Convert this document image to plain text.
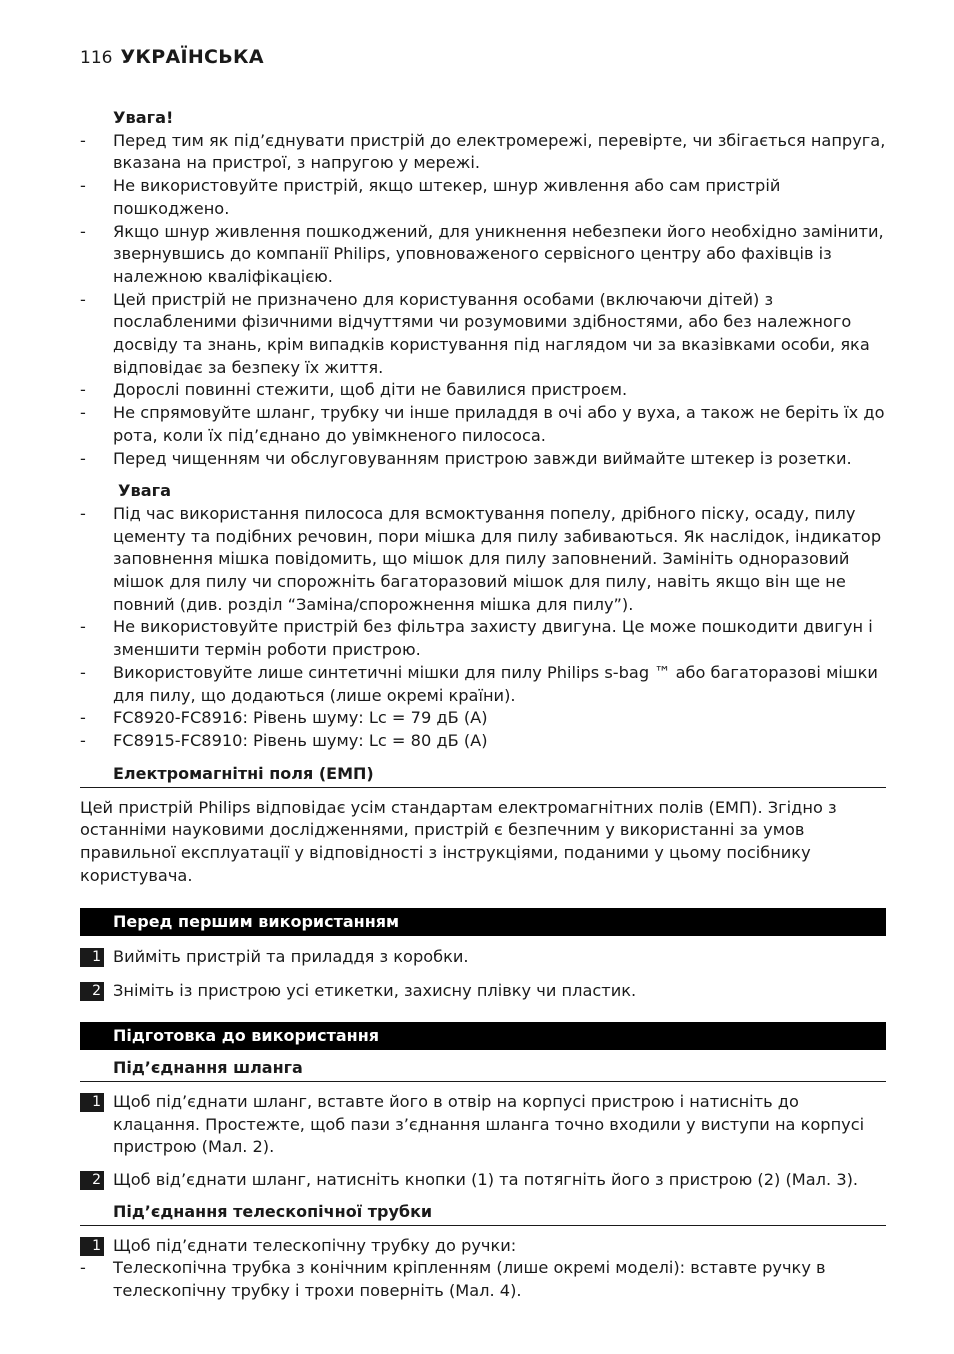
116 УКРАЇНСЬКА
Увага!
- Перед тим як під’єднувати пристрій до електромережі, перевірте, чи збігається напруга, вказана на пристрої, з напругою у мережі.
- Не використовуйте пристрій, якщо штекер, шнур живлення або сам пристрій пошкоджено.
- Якщо шнур живлення пошкоджений, для уникнення небезпеки його необхідно замінити, звернувшись до компанії Philips, уповноваженого сервісного центру або фахівців із належною кваліфікацією.
- Цей пристрій не призначено для користування особами (включаючи дітей) з послабленими фізичними відчуттями чи розумовими здібностями, або без належного досвіду та знань, крім випадків користування під наглядом чи за вказівками особи, яка відповідає за безпеку їх життя.
- Дорослі повинні стежити, щоб діти не бавилися пристроєм.
- Не спрямовуйте шланг, трубку чи інше приладдя в очі або у вуха, а також не беріть їх до рота, коли їх під’єднано до увімкненого пилососа.
- Перед чищенням чи обслуговуванням пристрою завжди виймайте штекер із розетки.
Увага
- Під час використання пилососа для всмоктування попелу, дрібного піску, осаду, пилу цементу та подібних речовин, пори мішка для пилу забиваються. Як наслідок, індикатор заповнення мішка повідомить, що мішок для пилу заповнений. Замініть одноразовий мішок для пилу чи спорожніть багаторазовий мішок для пилу, навіть якщо він ще не повний (див. розділ “Заміна/спорожнення мішка для пилу”).
- Не використовуйте пристрій без фільтра захисту двигуна. Це може пошкодити двигун і зменшити термін роботи пристрою.
- Використовуйте лише синтетичні мішки для пилу Philips s-bag ™ або багаторазові мішки для пилу, що додаються (лише окремі країни).
- FC8920-FC8916: Рівень шуму: Lc = 79 дБ (A)
- FC8915-FC8910: Рівень шуму: Lc = 80 дБ (A)
Електромагнітні поля (ЕМП)
Цей пристрій Philips відповідає усім стандартам електромагнітних полів (ЕМП). Згідно з останніми науковими дослідженнями, пристрій є безпечним у використанні за умов правильної експлуатації у відповідності з інструкціями, поданими у цьому посібнику користувача.
Перед першим використанням
1 Вийміть пристрій та приладдя з коробки.
2 Зніміть із пристрою усі етикетки, захисну плівку чи пластик.
Підготовка до використання
Під’єднання шланга
1 Щоб під’єднати шланг, вставте його в отвір на корпусі пристрою і натисніть до клацання. Простежте, щоб пази з’єднання шланга точно входили у виступи на корпусі пристрою (Мал. 2).
2 Щоб від’єднати шланг, натисніть кнопки (1) та потягніть його з пристрою (2) (Мал. 3).
Під’єднання телескопічної трубки
1 Щоб під’єднати телескопічну трубку до ручки:
- Телескопічна трубка з конічним кріпленням (лише окремі моделі): вставте ручку в телескопічну трубку і трохи поверніть (Мал. 4).
